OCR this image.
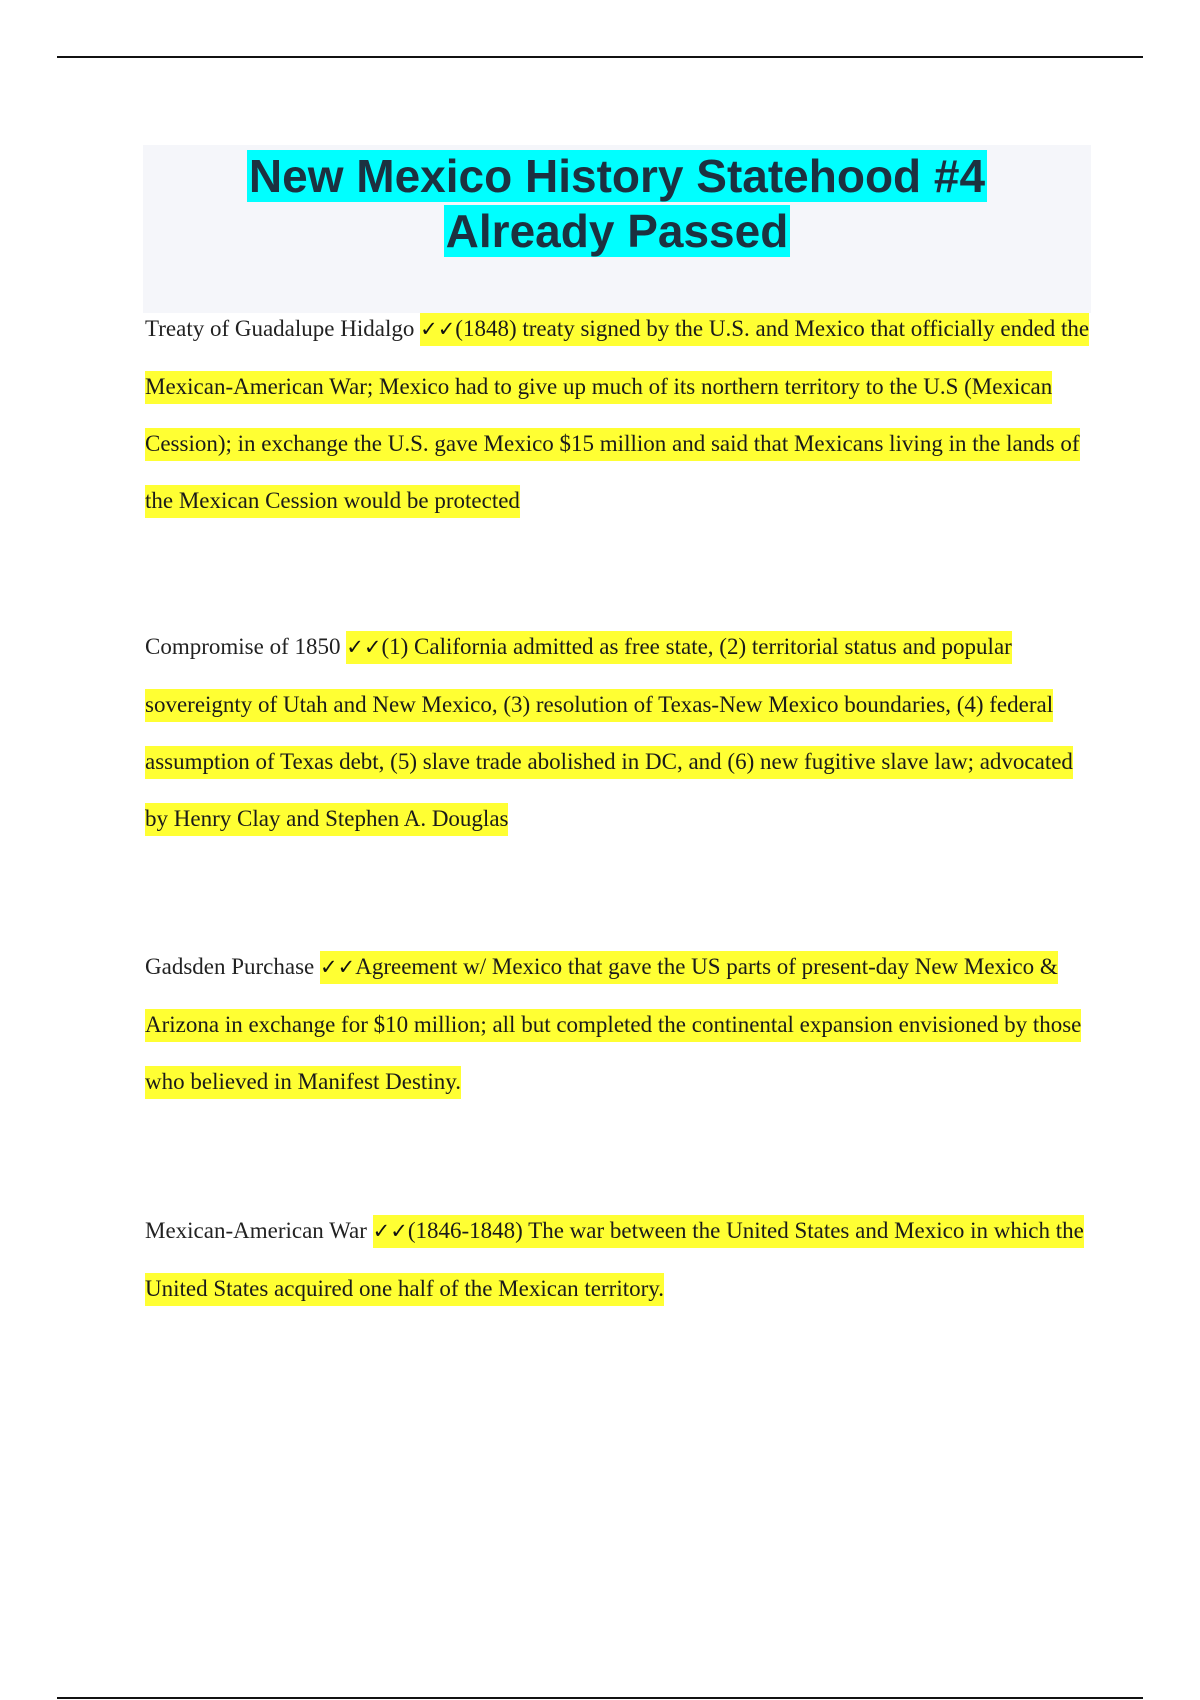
New Mexico History Statehood #4
Already Passed

Treaty of Guadalupe Hidalgo ✓✓(1848) treaty signed by the U.S. and Mexico that officially ended the Mexican-American War; Mexico had to give up much of its northern territory to the U.S (Mexican Cession); in exchange the U.S. gave Mexico $15 million and said that Mexicans living in the lands of the Mexican Cession would be protected

Compromise of 1850 ✓✓(1) California admitted as free state, (2) territorial status and popular sovereignty of Utah and New Mexico, (3) resolution of Texas-New Mexico boundaries, (4) federal assumption of Texas debt, (5) slave trade abolished in DC, and (6) new fugitive slave law; advocated by Henry Clay and Stephen A. Douglas

Gadsden Purchase ✓✓Agreement w/ Mexico that gave the US parts of present-day New Mexico & Arizona in exchange for $10 million; all but completed the continental expansion envisioned by those who believed in Manifest Destiny.

Mexican-American War ✓✓(1846-1848) The war between the United States and Mexico in which the United States acquired one half of the Mexican territory.
